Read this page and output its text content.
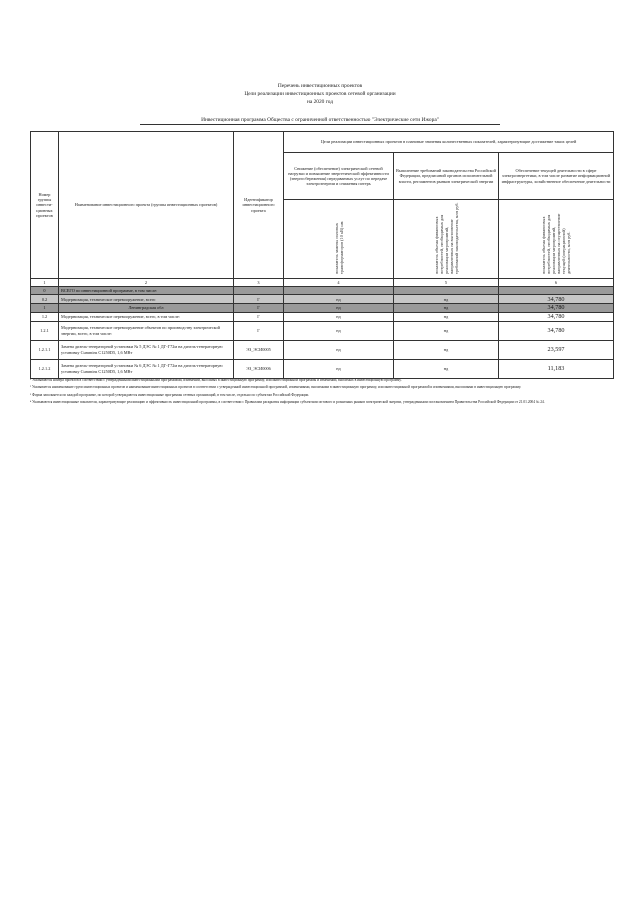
Перечень инвестиционных проектов
Цели реализации инвестиционных проектов сетевой организации
на 2020 год
Инвестиционная программа Общества с ограниченной ответственностью "Электрические сети Ижора"
Номер группы инвести-ционных проектов	Наименование инвестиционного проекта (группы инвестиционных проектов)	Идентификатор инвестиционного проекта	Цели реализации инвестиционных проектов в плановые значения количественных показателей, характеризующие достижение таких целей		
			Снижение (обеспечение) электрической сетевой нагрузки и повышение энергетической эффективности (энергосбережения) передаваемых услуг по передаче электроэнергии и снижения потерь	Выполнение требований законодательства Российской Федерации, предписаний органов исполнительной власти, регламентов рынков электрической энергии	Обеспечение текущей деятельности в сфере электроэнергетики, в том числе развитие информационной инфраструктуры, хозяйственное обеспечение деятельности
			показатель замены силовых трансформаторов (10 кВ) шт.	показатель объема финансовых потребностей, необходимых для реализации мероприятий, направленных на выполнение требований законодательства, млн руб.	показатель объема финансовых потребностей, необходимых для реализации мероприятий, направленных на осуществление текущей (операционной) деятельности, млн руб.
1	2	3	4	5	6
0	ВСЕГО по инвестиционной программе, в том числе:				
0.2	Модернизация, техническое перевооружение, всего	Г	нд	нд	34,780
1	Ленинградская обл	Г	нд	нд	34,780
1.2	Модернизация, техническое перевооружение, всего, в том числе:	Г	нд	нд	34,780
1.2.1	Модернизация, техническое перевооружение объектов по производству электрической энергии, всего, в том числе:	Г	нд	нд	34,780
1.2.1.1	Замена дизель-генераторной установки № 5 ДЭС № 1 ДГ-Г72м на дизель-генераторную установку Cummins C1250D5, 1,6 МВт	ЭЗ_ЭСИ0005	нд	нд	23,597
1.2.1.2	Замена дизель-генераторной установки № 6 ДЭС № 1 ДГ-Г72м на дизель-генераторную установку Cummins C1250D5, 1,6 МВт	ЭЗ_ЭСИ0006	нд	нд	11,183
¹ Указываются номера проектов в соответствии с утвержденными инвестиционными программами, изменений, вносимых в инвестиционную программу, или инвестиционной программы и изменений, вносимых в инвестиционную программу.
² Указывается наименование групп инвестиционных проектов и наименование инвестиционных проектов в соответствии с утвержденной инвестиционной программой, изменениями, вносимыми в инвестиционную программу, или инвестиционной программой и изменениями, вносимыми в инвестиционную программу.
³ Форма заполняется по каждой программе, по которой утверждаются инвестиционные программы сетевых организаций, в том числе, отдельно по субъектам Российской Федерации.
⁴ Указываются инвестиционные показатели, характеризующие реализацию и эффективность инвестиционной программы, в соответствии с Правилами раскрытия информации субъектами оптового и розничных рынков электрической энергии, утвержденными постановлением Правительства Российской Федерации от 21.01.2004 № 24.
